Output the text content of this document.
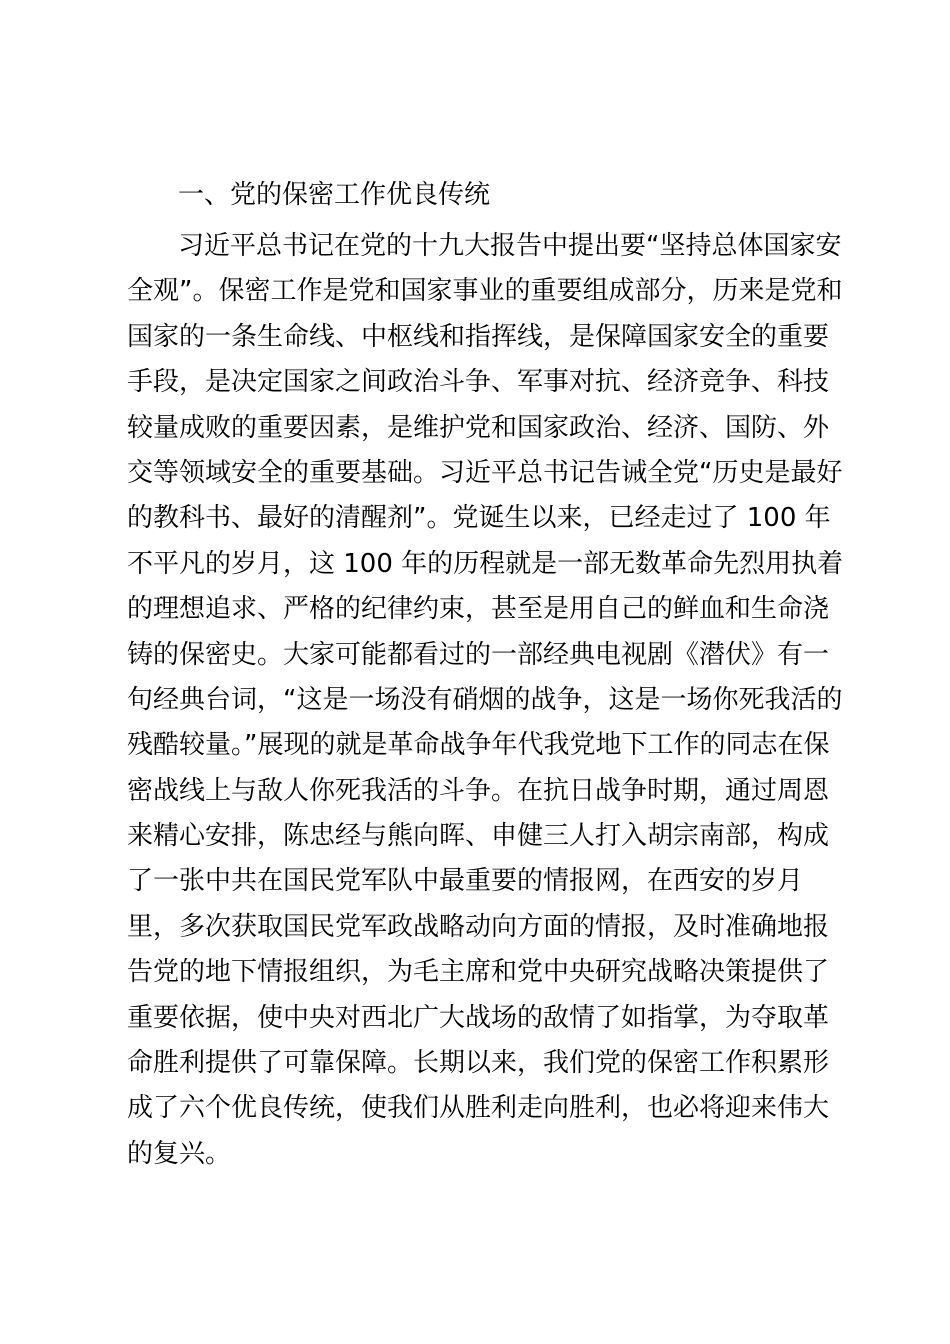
一、党的保密工作优良传统
习近平总书记在党的十九大报告中提出要“坚持总体国家安
全观”。保密工作是党和国家事业的重要组成部分，历来是党和
国家的一条生命线、中枢线和指挥线，是保障国家安全的重要
手段，是决定国家之间政治斗争、军事对抗、经济竞争、科技
较量成败的重要因素，是维护党和国家政治、经济、国防、外
交等领域安全的重要基础。习近平总书记告诫全党“历史是最好
的教科书、最好的清醒剂”。党诞生以来，已经走过了 100 年
不平凡的岁月，这 100 年的历程就是一部无数革命先烈用执着
的理想追求、严格的纪律约束，甚至是用自己的鲜血和生命浇
铸的保密史。大家可能都看过的一部经典电视剧《潜伏》有一
句经典台词，“这是一场没有硝烟的战争，这是一场你死我活的
残酷较量。”展现的就是革命战争年代我党地下工作的同志在保
密战线上与敌人你死我活的斗争。在抗日战争时期，通过周恩
来精心安排，陈忠经与熊向晖、申健三人打入胡宗南部，构成
了一张中共在国民党军队中最重要的情报网，在西安的岁月
里，多次获取国民党军政战略动向方面的情报，及时准确地报
告党的地下情报组织，为毛主席和党中央研究战略决策提供了
重要依据，使中央对西北广大战场的敌情了如指掌，为夺取革
命胜利提供了可靠保障。长期以来，我们党的保密工作积累形
成了六个优良传统，使我们从胜利走向胜利，也必将迎来伟大
的复兴。
